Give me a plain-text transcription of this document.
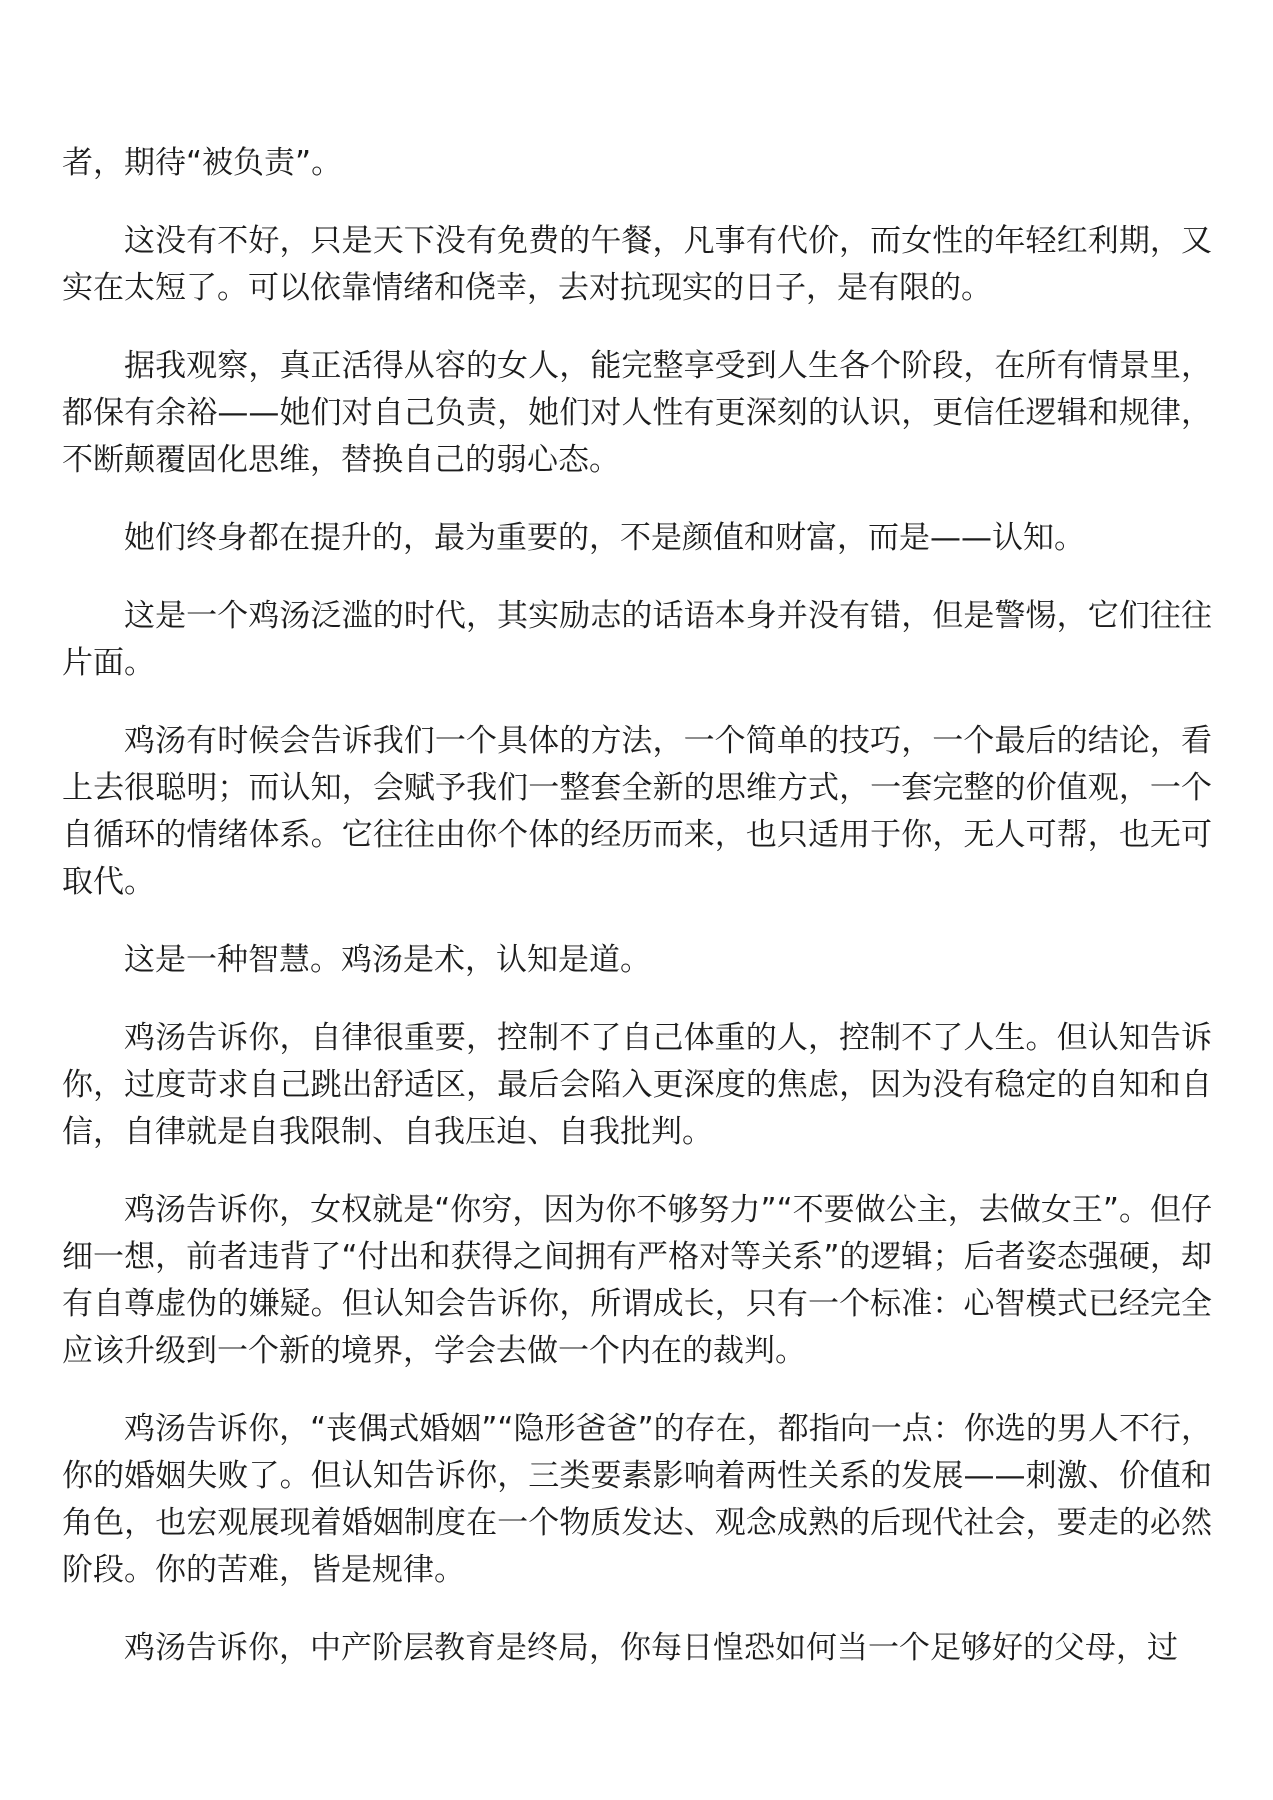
者，期待“被负责”。

这没有不好，只是天下没有免费的午餐，凡事有代价，而女性的年轻红利期，又实在太短了。可以依靠情绪和侥幸，去对抗现实的日子，是有限的。

据我观察，真正活得从容的女人，能完整享受到人生各个阶段，在所有情景里，都保有余裕——她们对自己负责，她们对人性有更深刻的认识，更信任逻辑和规律，不断颠覆固化思维，替换自己的弱心态。

她们终身都在提升的，最为重要的，不是颜值和财富，而是——认知。

这是一个鸡汤泛滥的时代，其实励志的话语本身并没有错，但是警惕，它们往往片面。

鸡汤有时候会告诉我们一个具体的方法，一个简单的技巧，一个最后的结论，看上去很聪明；而认知，会赋予我们一整套全新的思维方式，一套完整的价值观，一个自循环的情绪体系。它往往由你个体的经历而来，也只适用于你，无人可帮，也无可取代。

这是一种智慧。鸡汤是术，认知是道。

鸡汤告诉你，自律很重要，控制不了自己体重的人，控制不了人生。但认知告诉你，过度苛求自己跳出舒适区，最后会陷入更深度的焦虑，因为没有稳定的自知和自信，自律就是自我限制、自我压迫、自我批判。

鸡汤告诉你，女权就是“你穷，因为你不够努力”“不要做公主，去做女王”。但仔细一想，前者违背了“付出和获得之间拥有严格对等关系”的逻辑；后者姿态强硬，却有自尊虚伪的嫌疑。但认知会告诉你，所谓成长，只有一个标准：心智模式已经完全应该升级到一个新的境界，学会去做一个内在的裁判。

鸡汤告诉你，“丧偶式婚姻”“隐形爸爸”的存在，都指向一点：你选的男人不行，你的婚姻失败了。但认知告诉你，三类要素影响着两性关系的发展——刺激、价值和角色，也宏观展现着婚姻制度在一个物质发达、观念成熟的后现代社会，要走的必然阶段。你的苦难，皆是规律。

鸡汤告诉你，中产阶层教育是终局，你每日惶恐如何当一个足够好的父母，过
